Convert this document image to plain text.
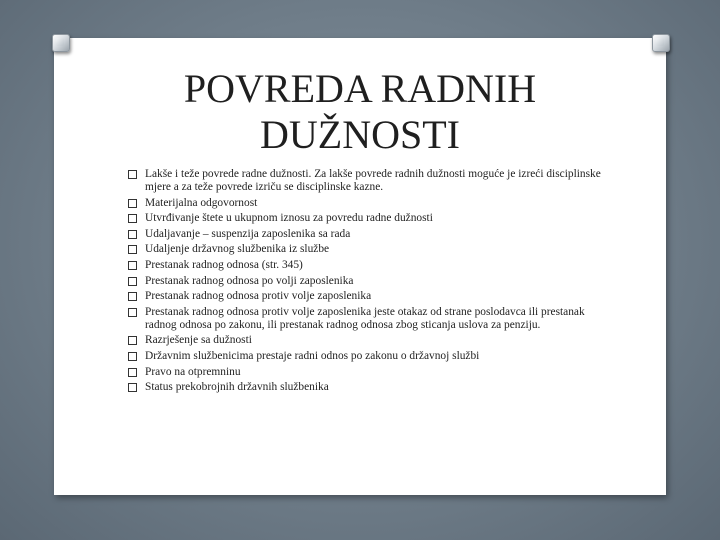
POVREDA RADNIH
DUŽNOSTI
Lakše i teže povrede radne dužnosti. Za lakše povrede radnih dužnosti moguće je izreći disciplinske mjere a za teže povrede izriču se disciplinske kazne.
Materijalna odgovornost
Utvrđivanje štete u ukupnom iznosu za povredu radne dužnosti
Udaljavanje – suspenzija zaposlenika sa rada
Udaljenje državnog službenika iz službe
Prestanak radnog odnosa (str. 345)
Prestanak radnog odnosa po volji zaposlenika
Prestanak radnog odnosa protiv volje zaposlenika
Prestanak radnog odnosa protiv volje zaposlenika jeste otakaz od strane poslodavca ili prestanak radnog odnosa po zakonu, ili prestanak radnog odnosa zbog sticanja uslova za penziju.
Razrješenje sa dužnosti
Državnim službenicima prestaje radni odnos po zakonu o državnoj službi
Pravo na otpremninu
Status prekobrojnih državnih službenika
